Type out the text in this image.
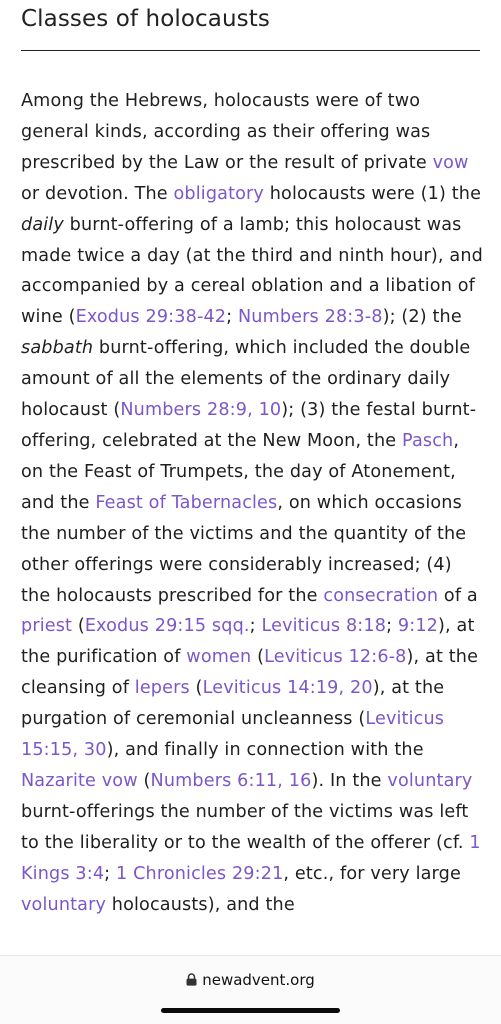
Classes of holocausts
Among the Hebrews, holocausts were of two general kinds, according as their offering was prescribed by the Law or the result of private vow or devotion. The obligatory holocausts were (1) the daily burnt-offering of a lamb; this holocaust was made twice a day (at the third and ninth hour), and accompanied by a cereal oblation and a libation of wine (Exodus 29:38-42; Numbers 28:3-8); (2) the sabbath burnt-offering, which included the double amount of all the elements of the ordinary daily holocaust (Numbers 28:9, 10); (3) the festal burnt-offering, celebrated at the New Moon, the Pasch, on the Feast of Trumpets, the day of Atonement, and the Feast of Tabernacles, on which occasions the number of the victims and the quantity of the other offerings were considerably increased; (4) the holocausts prescribed for the consecration of a priest (Exodus 29:15 sqq.; Leviticus 8:18; 9:12), at the purification of women (Leviticus 12:6-8), at the cleansing of lepers (Leviticus 14:19, 20), at the purgation of ceremonial uncleanness (Leviticus 15:15, 30), and finally in connection with the Nazarite vow (Numbers 6:11, 16). In the voluntary burnt-offerings the number of the victims was left to the liberality or to the wealth of the offerer (cf. 1 Kings 3:4; 1 Chronicles 29:21, etc., for very large voluntary holocausts), and the
newadvent.org
